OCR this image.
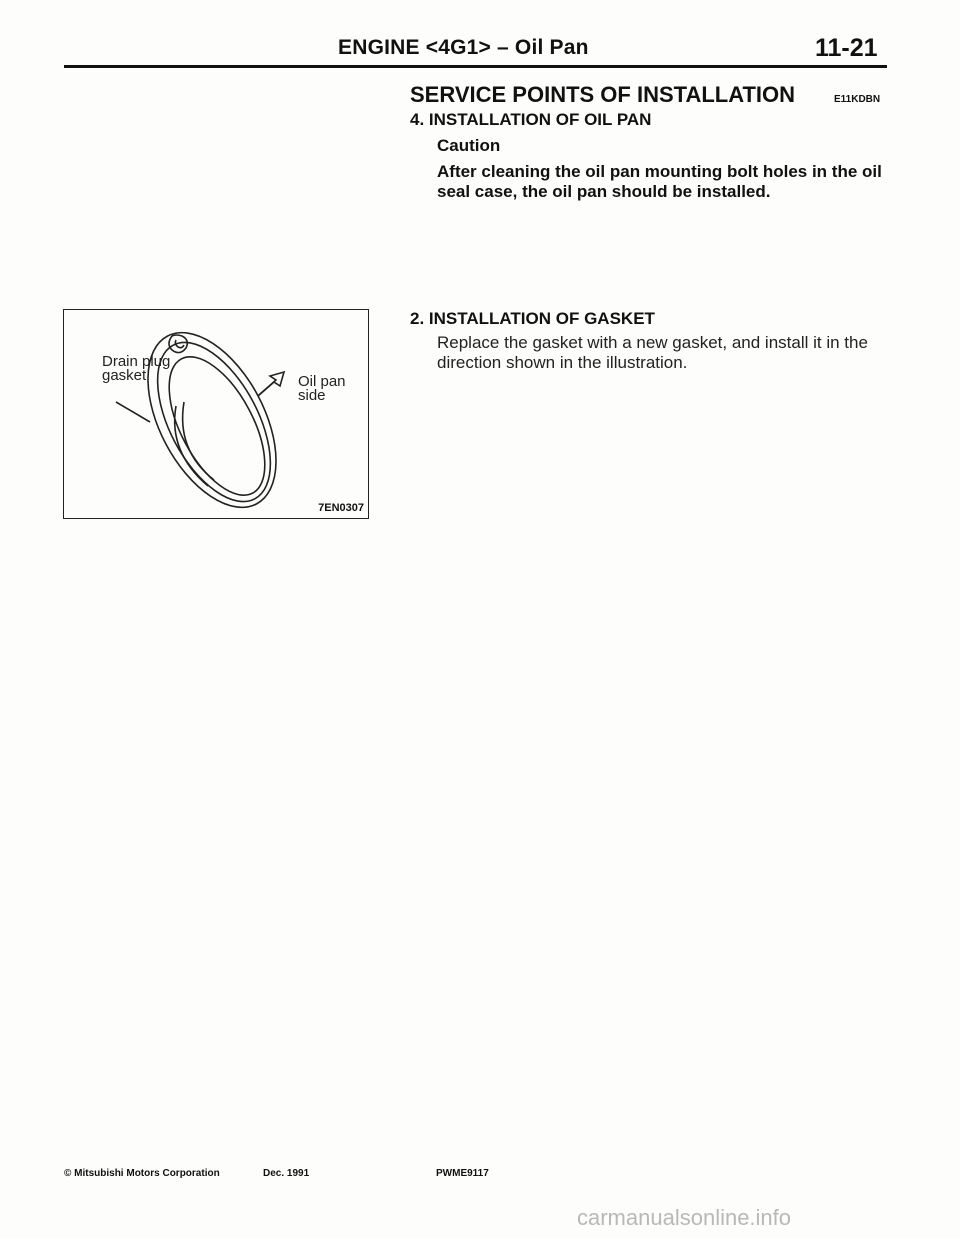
ENGINE <4G1> – Oil Pan	11-21
SERVICE POINTS OF INSTALLATION	E11KDBN
4. INSTALLATION OF OIL PAN
Caution
After cleaning the oil pan mounting bolt holes in the oil seal case, the oil pan should be installed.
2. INSTALLATION OF GASKET
Replace the gasket with a new gasket, and install it in the direction shown in the illustration.
Drain plug
gasket	Oil pan
side
7EN0307
© Mitsubishi Motors Corporation	Dec. 1991	PWME9117
carmanualsonline.info
